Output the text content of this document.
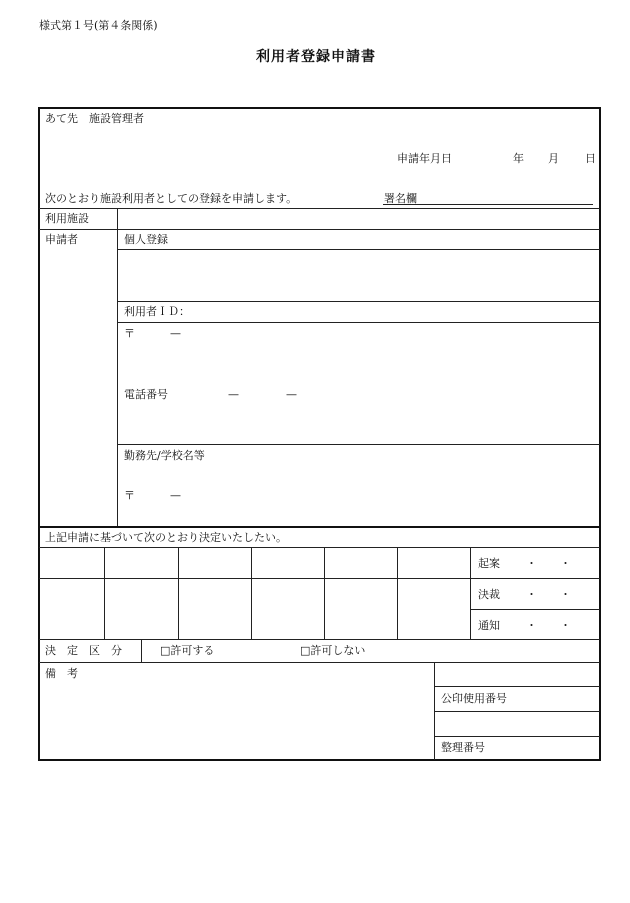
様式第１号(第４条関係)
利用者登録申請書
あて先　施設管理者
申請年月日	年 月 日
次のとおり施設利用者としての登録を申請します。	署名欄
利用施設
申請者	個人登録
利用者ＩＤ：
〒	—
電話番号	—	—
勤務先/学校名等
〒	—
上記申請に基づいて次のとおり決定いたしたい。
起案 ・ ・
決裁 ・ ・
通知 ・ ・
決　定　区　分	□許可する	□許可しない
備　考
公印使用番号
整理番号
